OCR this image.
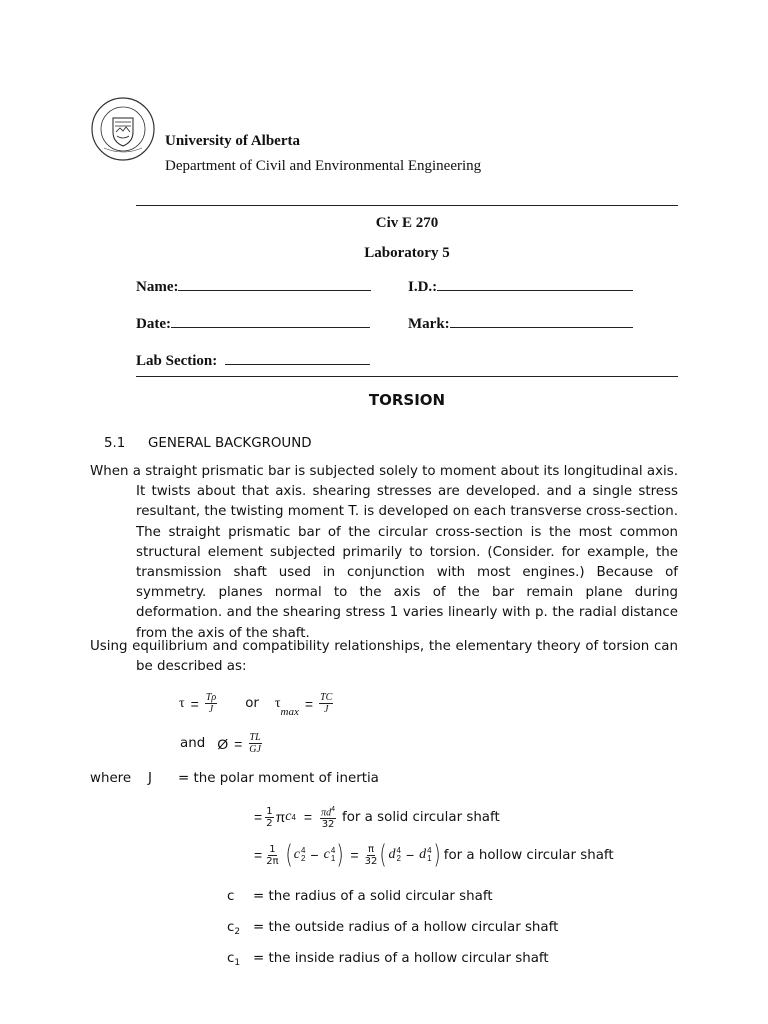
University of Alberta
Department of Civil and Environmental Engineering
Civ E 270
Laboratory 5
Name:	I.D.:
Date:	Mark:
Lab Section:
TORSION
5.1 GENERAL BACKGROUND
When a straight prismatic bar is subjected solely to moment about its longitudinal axis. It twists about that axis. shearing stresses are developed. and a single stress resultant, the twisting moment T. is developed on each transverse cross-section. The straight prismatic bar of the circular cross-section is the most common structural element subjected primarily to torsion. (Consider. for example, the transmission shaft used in conjunction with most engines.) Because of symmetry. planes normal to the axis of the bar remain plane during deformation. and the shearing stress 1 varies linearly with p. the radial distance from the axis of the shaft.
Using equilibrium and compatibility relationships, the elementary theory of torsion can be described as:
$\tau = \frac{T\rho}{J}$ or τ
$\max = \frac{TC}{J}$
and Ø = $\frac{TL}{GJ}$
where J = the polar moment of inertia
= $\frac{1}{2}$ π c $4 = \frac{\pi d^4}{32}$ for a solid circular shaft
= $\frac{1}{2\pi}$ ( c 4
2 − c 4
1 ) = $\frac{\pi}{32}$ ( d 4
2 − d 4
1 ) for a hollow circular shaft
c = the radius of a solid circular shaft
$c_2$ = the outside radius of a hollow circular shaft
$c_1$ = the inside radius of a hollow circular shaft
